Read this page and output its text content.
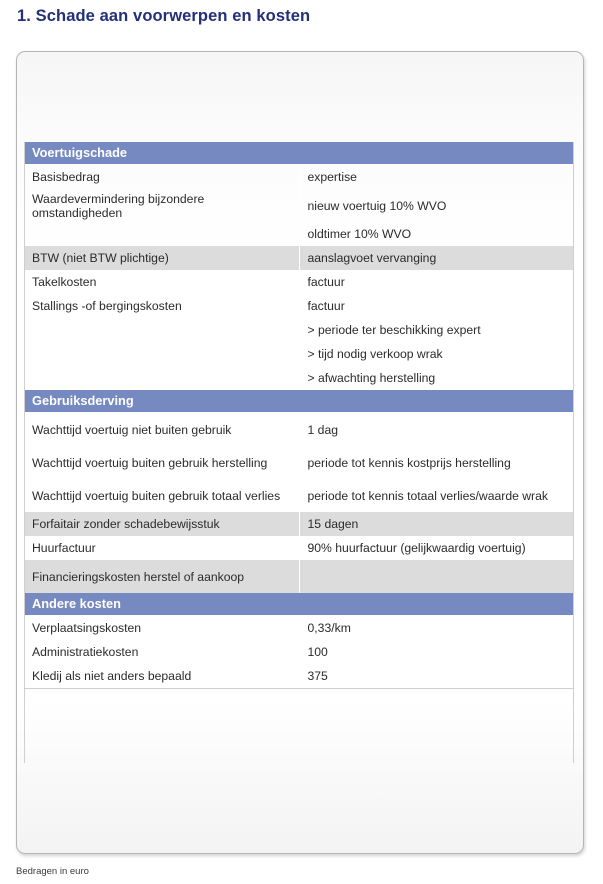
1. Schade aan voorwerpen en kosten
Voertuigschade	
Basisbedrag	expertise
Waardevermindering bijzondere omstandigheden	nieuw voertuig 10% WVO
	oldtimer 10% WVO
BTW (niet BTW plichtige)	aanslagvoet vervanging
Takelkosten	factuur
Stallings -of bergingskosten	factuur
	> periode ter beschikking expert
	> tijd nodig verkoop wrak
	> afwachting herstelling
Gebruiksderving	
Wachttijd voertuig niet buiten gebruik	1 dag
Wachttijd voertuig buiten gebruik herstelling	periode tot kennis kostprijs herstelling
Wachttijd voertuig buiten gebruik totaal verlies	periode tot kennis totaal verlies/waarde wrak
Forfaitair zonder schadebewijsstuk	15 dagen
Huurfactuur	90% huurfactuur (gelijkwaardig voertuig)
Financieringskosten herstel of aankoop	
Andere kosten	
Verplaatsingskosten	0,33/km
Administratiekosten	100
Kledij als niet anders bepaald	375
Bedragen in euro
